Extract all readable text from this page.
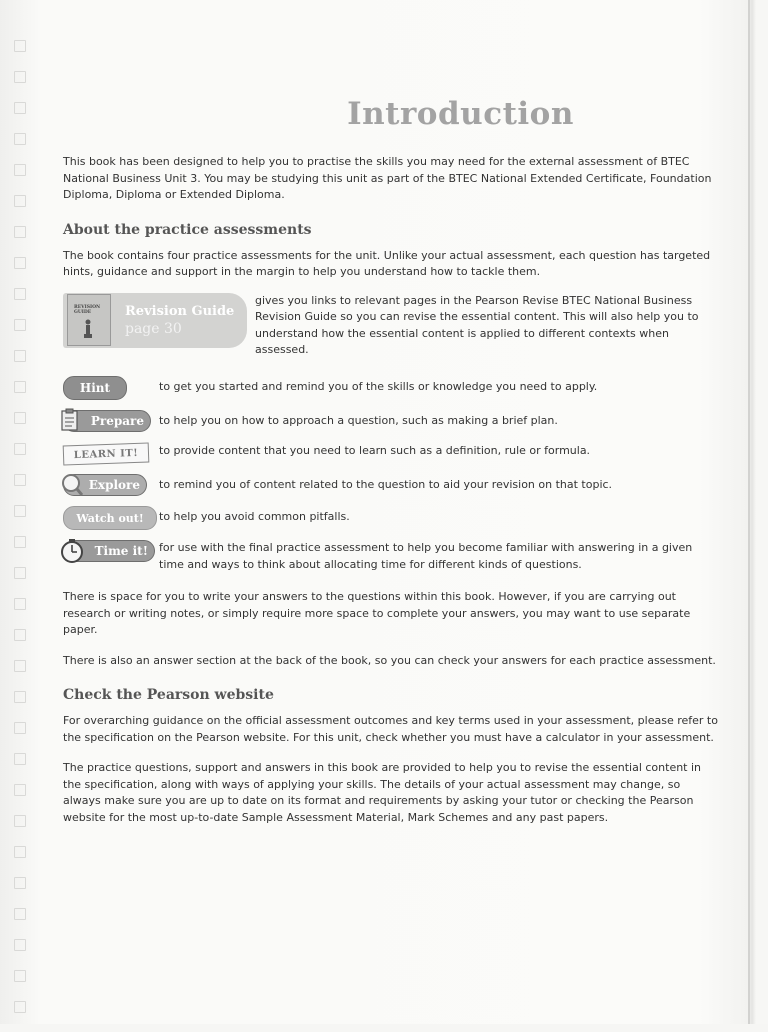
Introduction

This book has been designed to help you to practise the skills you may need for the external assessment of BTEC National Business Unit 3. You may be studying this unit as part of the BTEC National Extended Certificate, Foundation Diploma, Diploma or Extended Diploma.

About the practice assessments

The book contains four practice assessments for the unit. Unlike your actual assessment, each question has targeted hints, guidance and support in the margin to help you understand how to tackle them.

REVISION GUIDE	Revision Guide
page 30

gives you links to relevant pages in the Pearson Revise BTEC National Business Revision Guide so you can revise the essential content. This will also help you to understand how the essential content is applied to different contexts when assessed.

Hint	to get you started and remind you of the skills or knowledge you need to apply.

Prepare	to help you on how to approach a question, such as making a brief plan.

LEARN IT!	to provide content that you need to learn such as a definition, rule or formula.

Explore	to remind you of content related to the question to aid your revision on that topic.

Watch out!	to help you avoid common pitfalls.

Time it!	for use with the final practice assessment to help you become familiar with answering in a given time and ways to think about allocating time for different kinds of questions.

There is space for you to write your answers to the questions within this book. However, if you are carrying out research or writing notes, or simply require more space to complete your answers, you may want to use separate paper.

There is also an answer section at the back of the book, so you can check your answers for each practice assessment.

Check the Pearson website

For overarching guidance on the official assessment outcomes and key terms used in your assessment, please refer to the specification on the Pearson website. For this unit, check whether you must have a calculator in your assessment.

The practice questions, support and answers in this book are provided to help you to revise the essential content in the specification, along with ways of applying your skills. The details of your actual assessment may change, so always make sure you are up to date on its format and requirements by asking your tutor or checking the Pearson website for the most up-to-date Sample Assessment Material, Mark Schemes and any past papers.
